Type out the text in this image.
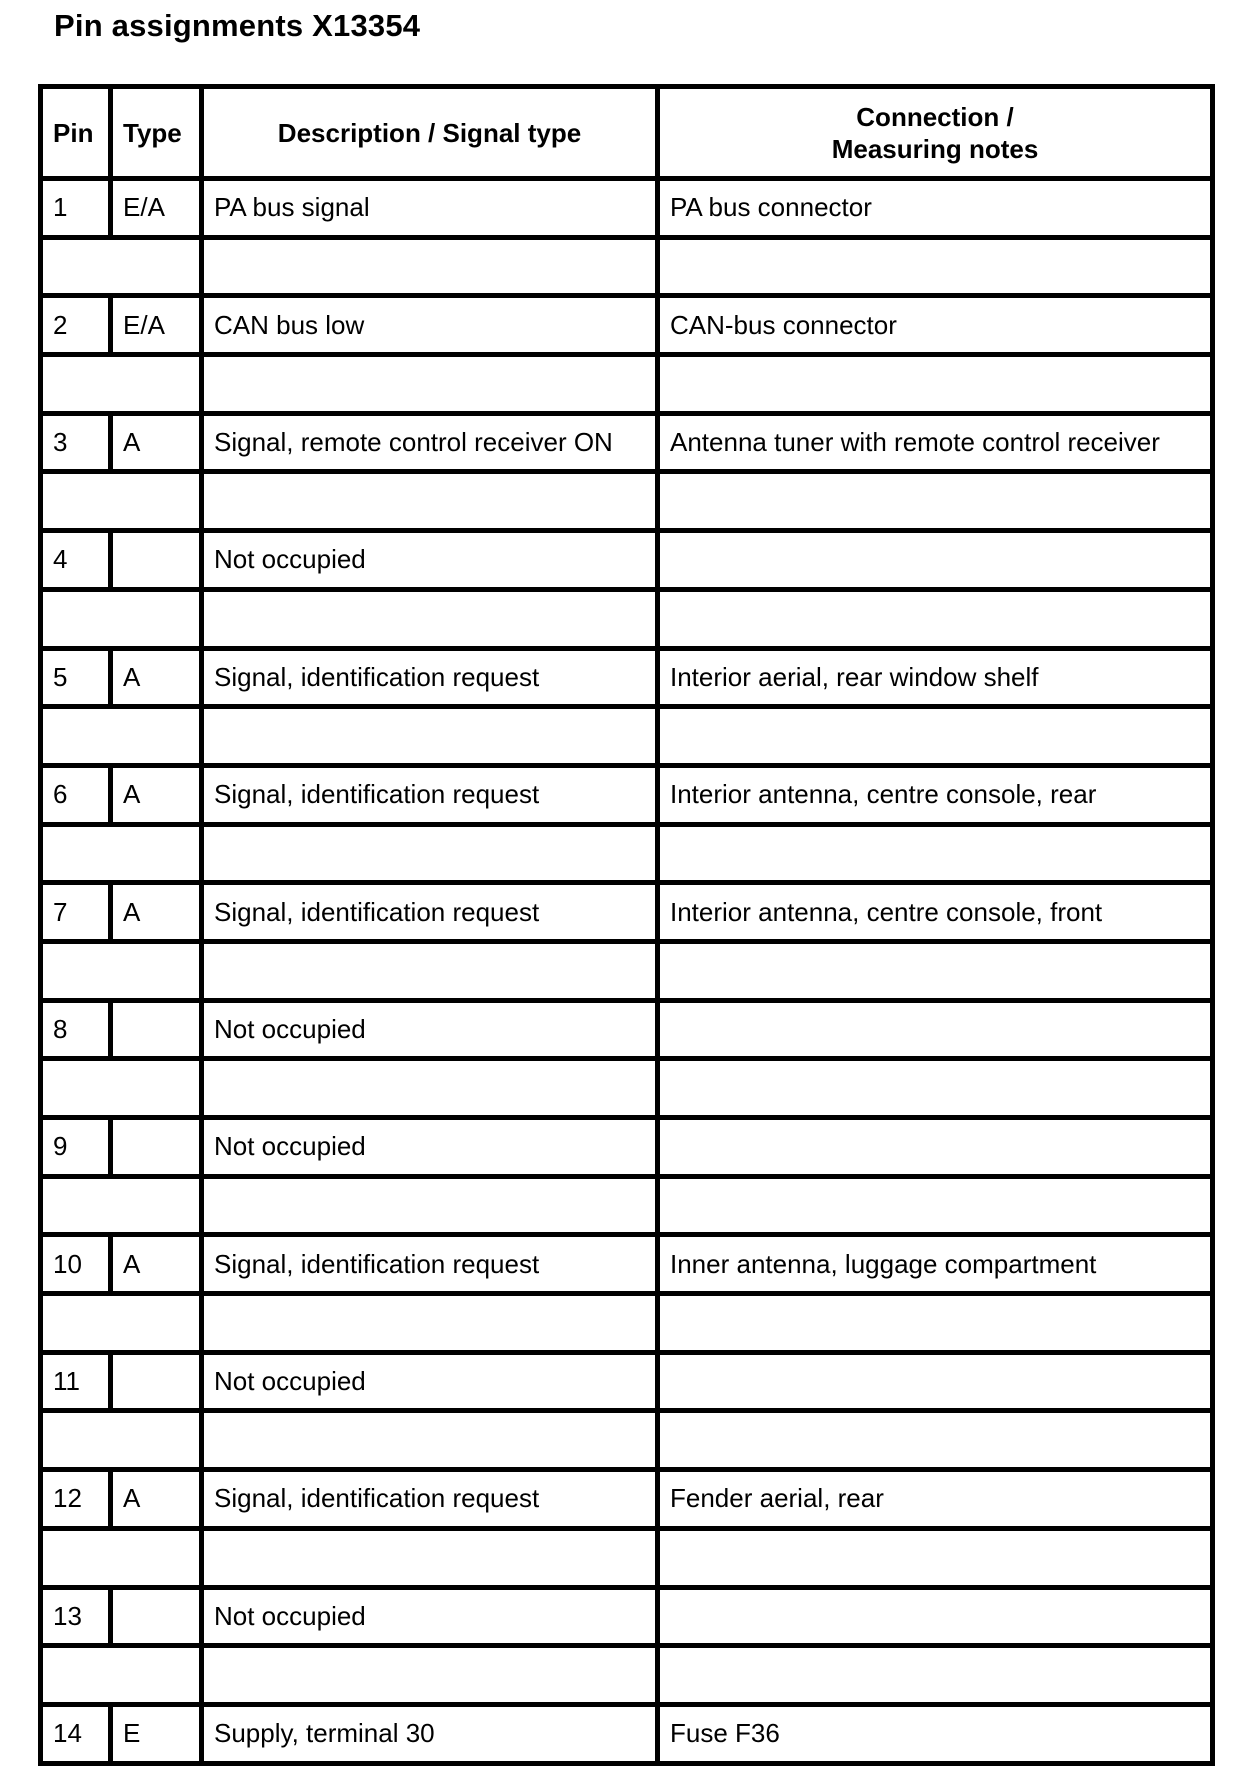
Pin assignments X13354
Pin	Type	Description / Signal type	Connection /
Measuring notes
1	E/A	PA bus signal	PA bus connector

2	E/A	CAN bus low	CAN-bus connector

3	A	Signal, remote control receiver ON	Antenna tuner with remote control receiver

4		Not occupied	

5	A	Signal, identification request	Interior aerial, rear window shelf

6	A	Signal, identification request	Interior antenna, centre console, rear

7	A	Signal, identification request	Interior antenna, centre console, front

8		Not occupied	

9		Not occupied	

10	A	Signal, identification request	Inner antenna, luggage compartment

11		Not occupied	

12	A	Signal, identification request	Fender aerial, rear

13		Not occupied	

14	E	Supply, terminal 30	Fuse F36
